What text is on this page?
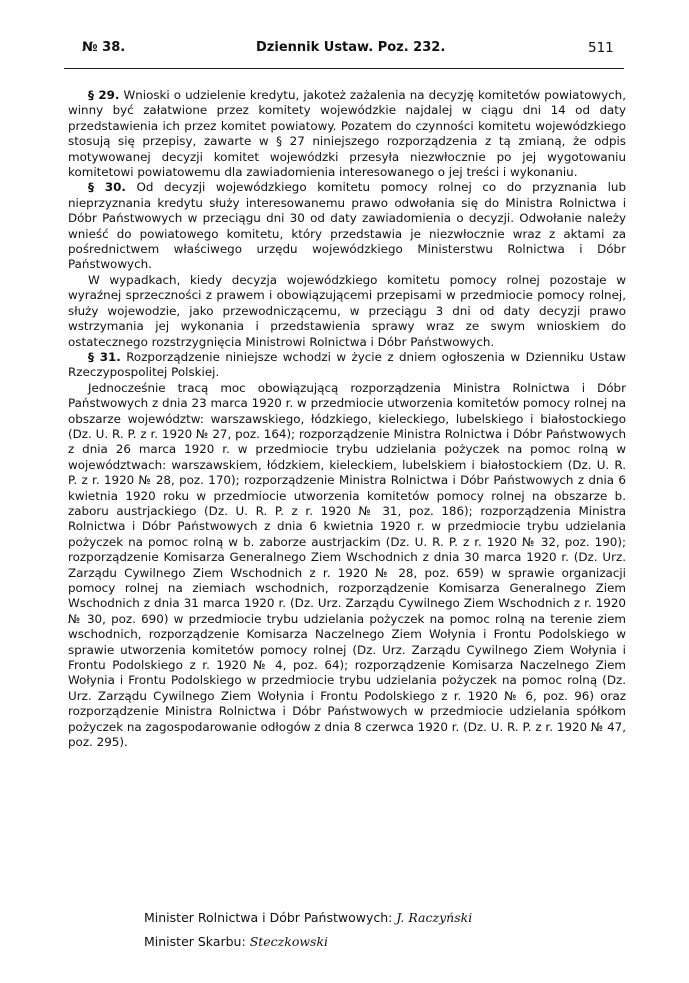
№ 38.	Dziennik Ustaw. Poz. 232.	511

§ 29. Wnioski o udzielenie kredytu, jakoteż zażalenia na decyzję komitetów powiatowych, winny być załatwione przez komitety wojewódzkie najdalej w ciągu dni 14 od daty przedstawienia ich przez komitet powiatowy. Pozatem do czynności komitetu wojewódzkiego stosują się przepisy, zawarte w § 27 niniejszego rozporządzenia z tą zmianą, że odpis motywowanej decyzji komitet wojewódzki przesyła niezwłocznie po jej wygotowaniu komitetowi powiatowemu dla zawiadomienia interesowanego o jej treści i wykonaniu.

§ 30. Od decyzji wojewódzkiego komitetu pomocy rolnej co do przyznania lub nieprzyznania kredytu służy interesowanemu prawo odwołania się do Ministra Rolnictwa i Dóbr Państwowych w przeciągu dni 30 od daty zawiadomienia o decyzji. Odwołanie należy wnieść do powiatowego komitetu, który przedstawia je niezwłocznie wraz z aktami za pośrednictwem właściwego urzędu wojewódzkiego Ministerstwu Rolnictwa i Dóbr Państwowych.

W wypadkach, kiedy decyzja wojewódzkiego komitetu pomocy rolnej pozostaje w wyraźnej sprzeczności z prawem i obowiązującemi przepisami w przedmiocie pomocy rolnej, służy wojewodzie, jako przewodniczącemu, w przeciągu 3 dni od daty decyzji prawo wstrzymania jej wykonania i przedstawienia sprawy wraz ze swym wnioskiem do ostatecznego rozstrzygnięcia Ministrowi Rolnictwa i Dóbr Państwowych.

§ 31. Rozporządzenie niniejsze wchodzi w życie z dniem ogłoszenia w Dzienniku Ustaw Rzeczypospolitej Polskiej.

Jednocześnie tracą moc obowiązującą rozporządzenia Ministra Rolnictwa i Dóbr Państwowych z dnia 23 marca 1920 r. w przedmiocie utworzenia komitetów pomocy rolnej na obszarze województw: warszawskiego, łódzkiego, kieleckiego, lubelskiego i białostockiego (Dz. U. R. P. z r. 1920 № 27, poz. 164); rozporządzenie Ministra Rolnictwa i Dóbr Państwowych z dnia 26 marca 1920 r. w przedmiocie trybu udzielania pożyczek na pomoc rolną w województwach: warszawskiem, łódzkiem, kieleckiem, lubelskiem i białostockiem (Dz. U. R. P. z r. 1920 № 28, poz. 170); rozporządzenie Ministra Rolnictwa i Dóbr Państwowych z dnia 6 kwietnia 1920 roku w przedmiocie utworzenia komitetów pomocy rolnej na obszarze b. zaboru austrjackiego (Dz. U. R. P. z r. 1920 № 31, poz. 186); rozporządzenia Ministra Rolnictwa i Dóbr Państwowych z dnia 6 kwietnia 1920 r. w przedmiocie trybu udzielania pożyczek na pomoc rolną w b. zaborze austrjackim (Dz. U. R. P. z r. 1920 № 32, poz. 190); rozporządzenie Komisarza Generalnego Ziem Wschodnich z dnia 30 marca 1920 r. (Dz. Urz. Zarządu Cywilnego Ziem Wschodnich z r. 1920 № 28, poz. 659) w sprawie organizacji pomocy rolnej na ziemiach wschodnich, rozporządzenie Komisarza Generalnego Ziem Wschodnich z dnia 31 marca 1920 r. (Dz. Urz. Zarządu Cywilnego Ziem Wschodnich z r. 1920 № 30, poz. 690) w przedmiocie trybu udzielania pożyczek na pomoc rolną na terenie ziem wschodnich, rozporządzenie Komisarza Naczelnego Ziem Wołynia i Frontu Podolskiego w sprawie utworzenia komitetów pomocy rolnej (Dz. Urz. Zarządu Cywilnego Ziem Wołynia i Frontu Podolskiego z r. 1920 № 4, poz. 64); rozporządzenie Komisarza Naczelnego Ziem Wołynia i Frontu Podolskiego w przedmiocie trybu udzielania pożyczek na pomoc rolną (Dz. Urz. Zarządu Cywilnego Ziem Wołynia i Frontu Podolskiego z r. 1920 № 6, poz. 96) oraz rozporządzenie Ministra Rolnictwa i Dóbr Państwowych w przedmiocie udzielania spółkom pożyczek na zagospodarowanie odłogów z dnia 8 czerwca 1920 r. (Dz. U. R. P. z r. 1920 № 47, poz. 295).

Minister Rolnictwa i Dóbr Państwowych: J. Raczyński
Minister Skarbu: Steczkowski
